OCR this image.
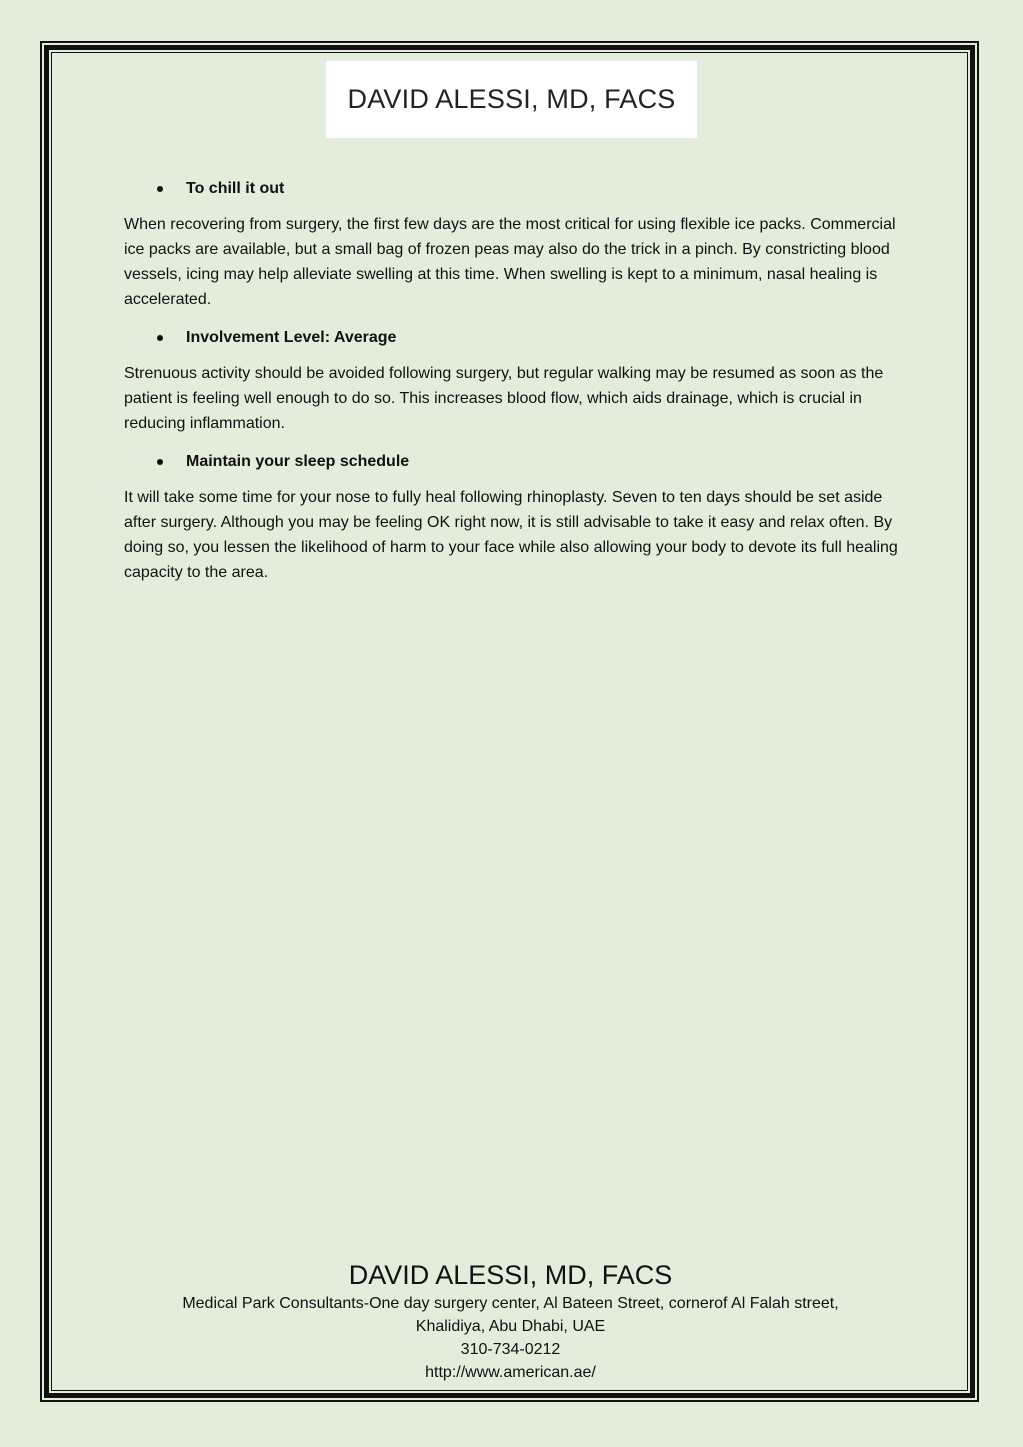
DAVID ALESSI, MD, FACS
To chill it out

When recovering from surgery, the first few days are the most critical for using flexible ice packs. Commercial ice packs are available, but a small bag of frozen peas may also do the trick in a pinch. By constricting blood vessels, icing may help alleviate swelling at this time. When swelling is kept to a minimum, nasal healing is accelerated.

Involvement Level: Average

Strenuous activity should be avoided following surgery, but regular walking may be resumed as soon as the patient is feeling well enough to do so. This increases blood flow, which aids drainage, which is crucial in reducing inflammation.

Maintain your sleep schedule

It will take some time for your nose to fully heal following rhinoplasty. Seven to ten days should be set aside after surgery. Although you may be feeling OK right now, it is still advisable to take it easy and relax often. By doing so, you lessen the likelihood of harm to your face while also allowing your body to devote its full healing capacity to the area.

DAVID ALESSI, MD, FACS
Medical Park Consultants-One day surgery center, Al Bateen Street, cornerof Al Falah street,
Khalidiya, Abu Dhabi, UAE
310-734-0212
http://www.american.ae/
